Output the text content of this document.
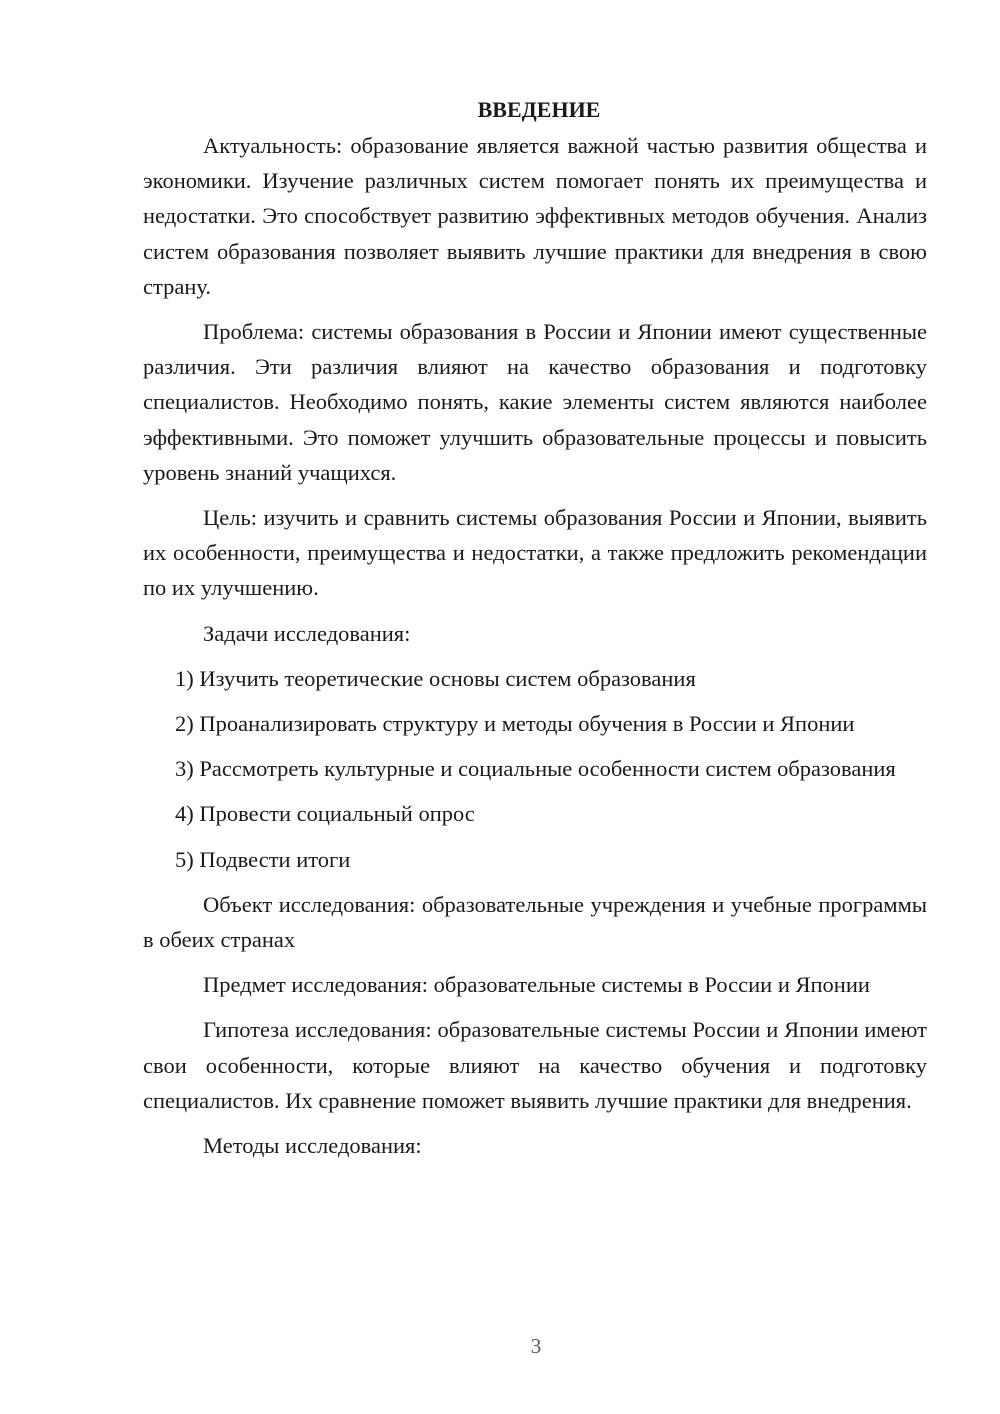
ВВЕДЕНИЕ

Актуальность: образование является важной частью развития общества и экономики. Изучение различных систем помогает понять их преимущества и недостатки. Это способствует развитию эффективных методов обучения. Анализ систем образования позволяет выявить лучшие практики для внедрения в свою страну.

Проблема: системы образования в России и Японии имеют существенные различия. Эти различия влияют на качество образования и подготовку специалистов. Необходимо понять, какие элементы систем являются наиболее эффективными. Это поможет улучшить образовательные процессы и повысить уровень знаний учащихся.

Цель: изучить и сравнить системы образования России и Японии, выявить их особенности, преимущества и недостатки, а также предложить рекомендации по их улучшению.

Задачи исследования:

1) Изучить теоретические основы систем образования

2) Проанализировать структуру и методы обучения в России и Японии

3) Рассмотреть культурные и социальные особенности систем образования

4) Провести социальный опрос

5) Подвести итоги

Объект исследования: образовательные учреждения и учебные программы в обеих странах

Предмет исследования: образовательные системы в России и Японии

Гипотеза исследования: образовательные системы России и Японии имеют свои особенности, которые влияют на качество обучения и подготовку специалистов. Их сравнение поможет выявить лучшие практики для внедрения.

Методы исследования:

3
